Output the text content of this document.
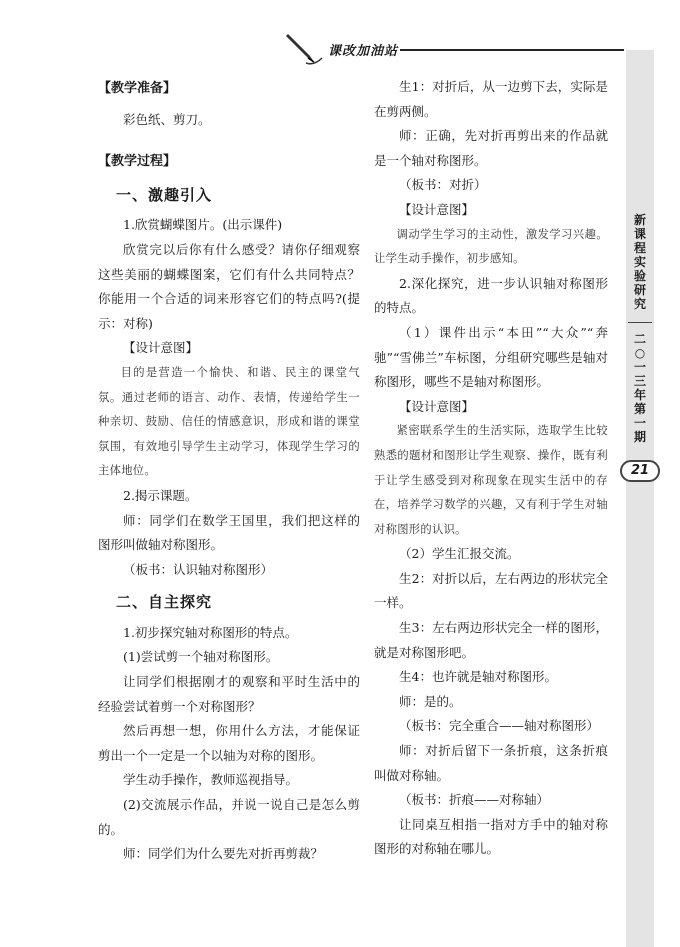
课改加油站
新
课
程
实
验
研
究
二
○
一
三
年
第
一
期
21

【教学准备】

彩色纸、剪刀。

【教学过程】

一、激趣引入

1.欣赏蝴蝶图片。(出示课件)

欣赏完以后你有什么感受？请你仔细观察这些美丽的蝴蝶图案，它们有什么共同特点？你能用一个合适的词来形容它们的特点吗?(提示：对称)

【设计意图】

目的是营造一个愉快、和谐、民主的课堂气氛。通过老师的语言、动作、表情，传递给学生一种亲切、鼓励、信任的情感意识，形成和谐的课堂氛围，有效地引导学生主动学习，体现学生学习的主体地位。

2.揭示课题。

师：同学们在数学王国里，我们把这样的图形叫做轴对称图形。

（板书：认识轴对称图形）

二、自主探究

1.初步探究轴对称图形的特点。

(1)尝试剪一个轴对称图形。

让同学们根据刚才的观察和平时生活中的经验尝试着剪一个对称图形？

然后再想一想，你用什么方法，才能保证剪出一个一定是一个以轴为对称的图形。

学生动手操作，教师巡视指导。

(2)交流展示作品，并说一说自己是怎么剪的。

师：同学们为什么要先对折再剪裁？

生1：对折后，从一边剪下去，实际是在剪两侧。

师：正确，先对折再剪出来的作品就是一个轴对称图形。

（板书：对折）

【设计意图】

调动学生学习的主动性，激发学习兴趣。让学生动手操作，初步感知。

2.深化探究，进一步认识轴对称图形的特点。

（1）课件出示“本田”“大众”“奔驰”“雪佛兰”车标图，分组研究哪些是轴对称图形，哪些不是轴对称图形。

【设计意图】

紧密联系学生的生活实际，选取学生比较熟悉的题材和图形让学生观察、操作，既有利于让学生感受到对称现象在现实生活中的存在，培养学习数学的兴趣，又有利于学生对轴对称图形的认识。

（2）学生汇报交流。

生2：对折以后，左右两边的形状完全一样。

生3：左右两边形状完全一样的图形，就是对称图形吧。

生4：也许就是轴对称图形。

师：是的。

（板书：完全重合——轴对称图形）

师：对折后留下一条折痕，这条折痕叫做对称轴。

（板书：折痕——对称轴）

让同桌互相指一指对方手中的轴对称图形的对称轴在哪儿。
